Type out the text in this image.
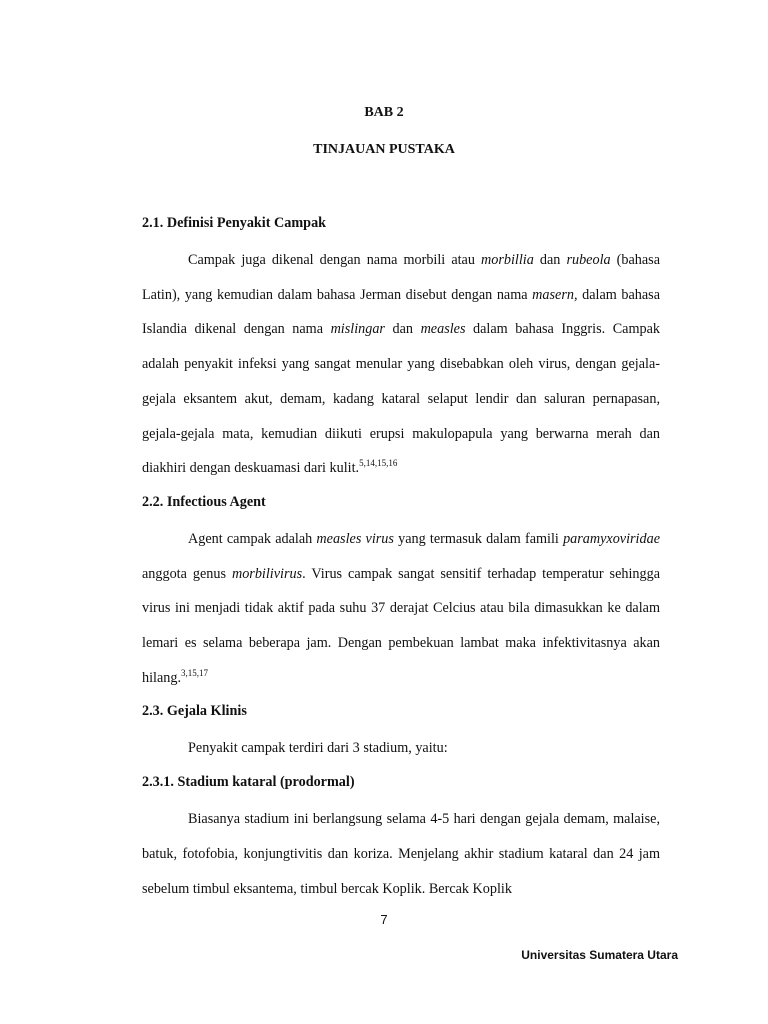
BAB 2
TINJAUAN PUSTAKA
2.1. Definisi Penyakit Campak

Campak juga dikenal dengan nama morbili atau morbillia dan rubeola (bahasa Latin), yang kemudian dalam bahasa Jerman disebut dengan nama masern, dalam bahasa Islandia dikenal dengan nama mislingar dan measles dalam bahasa Inggris. Campak adalah penyakit infeksi yang sangat menular yang disebabkan oleh virus, dengan gejala-gejala eksantem akut, demam, kadang kataral selaput lendir dan saluran pernapasan, gejala-gejala mata, kemudian diikuti erupsi makulopapula yang berwarna merah dan diakhiri dengan deskuamasi dari kulit.$^{5,14,15,16}$

2.2. Infectious Agent

Agent campak adalah measles virus yang termasuk dalam famili paramyxoviridae anggota genus morbilivirus. Virus campak sangat sensitif terhadap temperatur sehingga virus ini menjadi tidak aktif pada suhu 37 derajat Celcius atau bila dimasukkan ke dalam lemari es selama beberapa jam. Dengan pembekuan lambat maka infektivitasnya akan hilang.$^{3,15,17}$

2.3. Gejala Klinis

Penyakit campak terdiri dari 3 stadium, yaitu:

2.3.1. Stadium kataral (prodormal)

Biasanya stadium ini berlangsung selama 4-5 hari dengan gejala demam, malaise, batuk, fotofobia, konjungtivitis dan koriza. Menjelang akhir stadium kataral dan 24 jam sebelum timbul eksantema, timbul bercak Koplik. Bercak Koplik

7
Universitas Sumatera Utara
